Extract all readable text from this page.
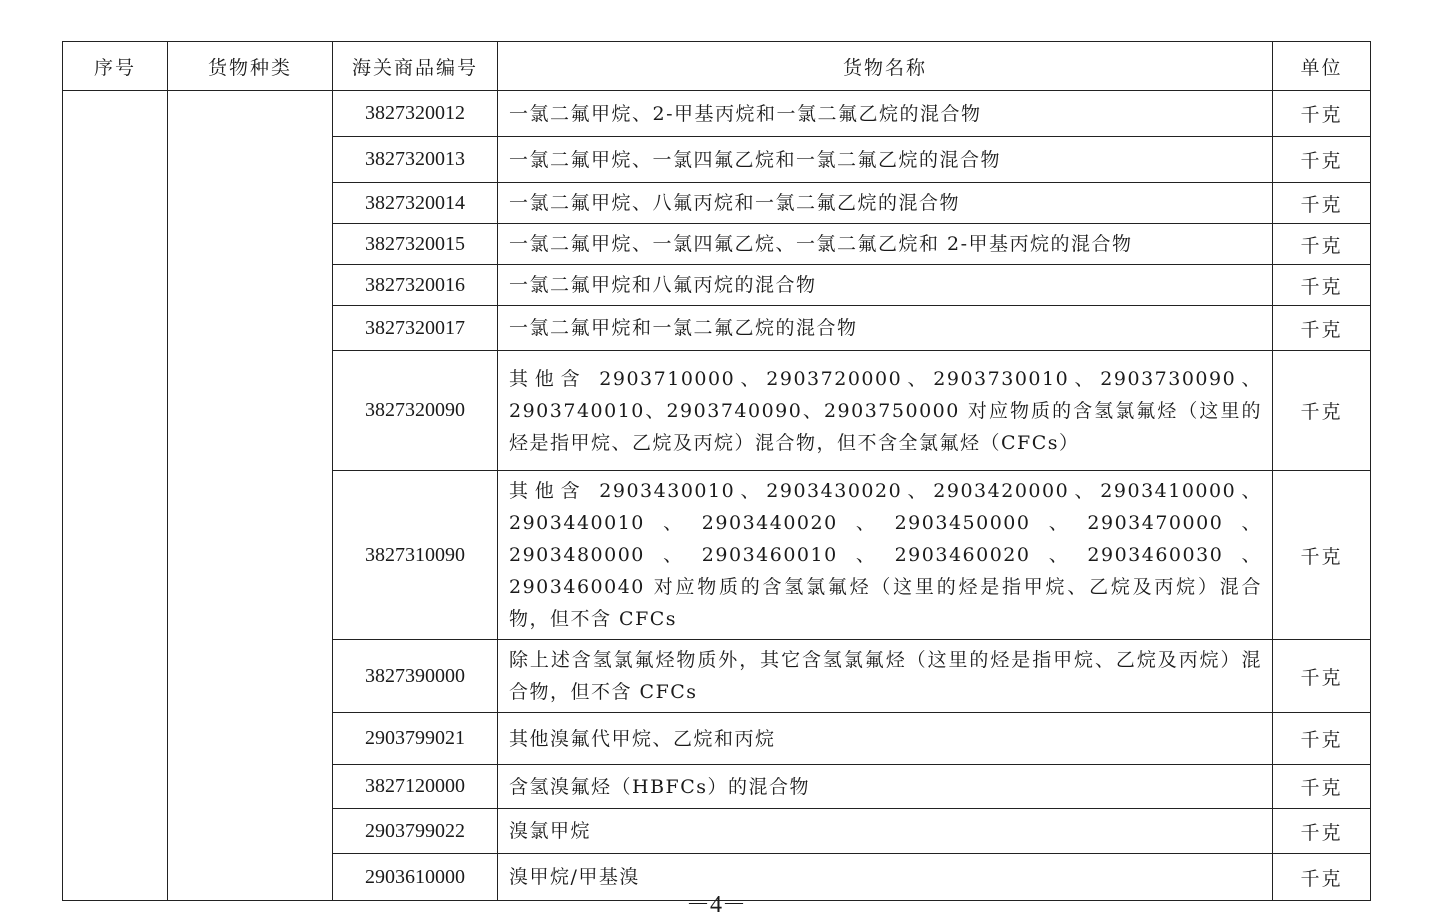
序号	货物种类	海关商品编号	货物名称	单位
		3827320012	一氯二氟甲烷、2-甲基丙烷和一氯二氟乙烷的混合物	千克
		3827320013	一氯二氟甲烷、一氯四氟乙烷和一氯二氟乙烷的混合物	千克
		3827320014	一氯二氟甲烷、八氟丙烷和一氯二氟乙烷的混合物	千克
		3827320015	一氯二氟甲烷、一氯四氟乙烷、一氯二氟乙烷和 2-甲基丙烷的混合物	千克
		3827320016	一氯二氟甲烷和八氟丙烷的混合物	千克
		3827320017	一氯二氟甲烷和一氯二氟乙烷的混合物	千克
		3827320090	其他含 2903710000、2903720000、2903730010、2903730090、2903740010、2903740090、2903750000 对应物质的含氢氯氟烃（这里的烃是指甲烷、乙烷及丙烷）混合物，但不含全氯氟烃（CFCs）	千克
		3827310090	其他含 2903430010、2903430020、2903420000、2903410000、2903440010、2903440020、2903450000、2903470000、2903480000、2903460010、2903460020、2903460030、2903460040 对应物质的含氢氯氟烃（这里的烃是指甲烷、乙烷及丙烷）混合物，但不含 CFCs	千克
		3827390000	除上述含氢氯氟烃物质外，其它含氢氯氟烃（这里的烃是指甲烷、乙烷及丙烷）混合物，但不含 CFCs	千克
		2903799021	其他溴氟代甲烷、乙烷和丙烷	千克
		3827120000	含氢溴氟烃（HBFCs）的混合物	千克
		2903799022	溴氯甲烷	千克
		2903610000	溴甲烷/甲基溴	千克
－4－
